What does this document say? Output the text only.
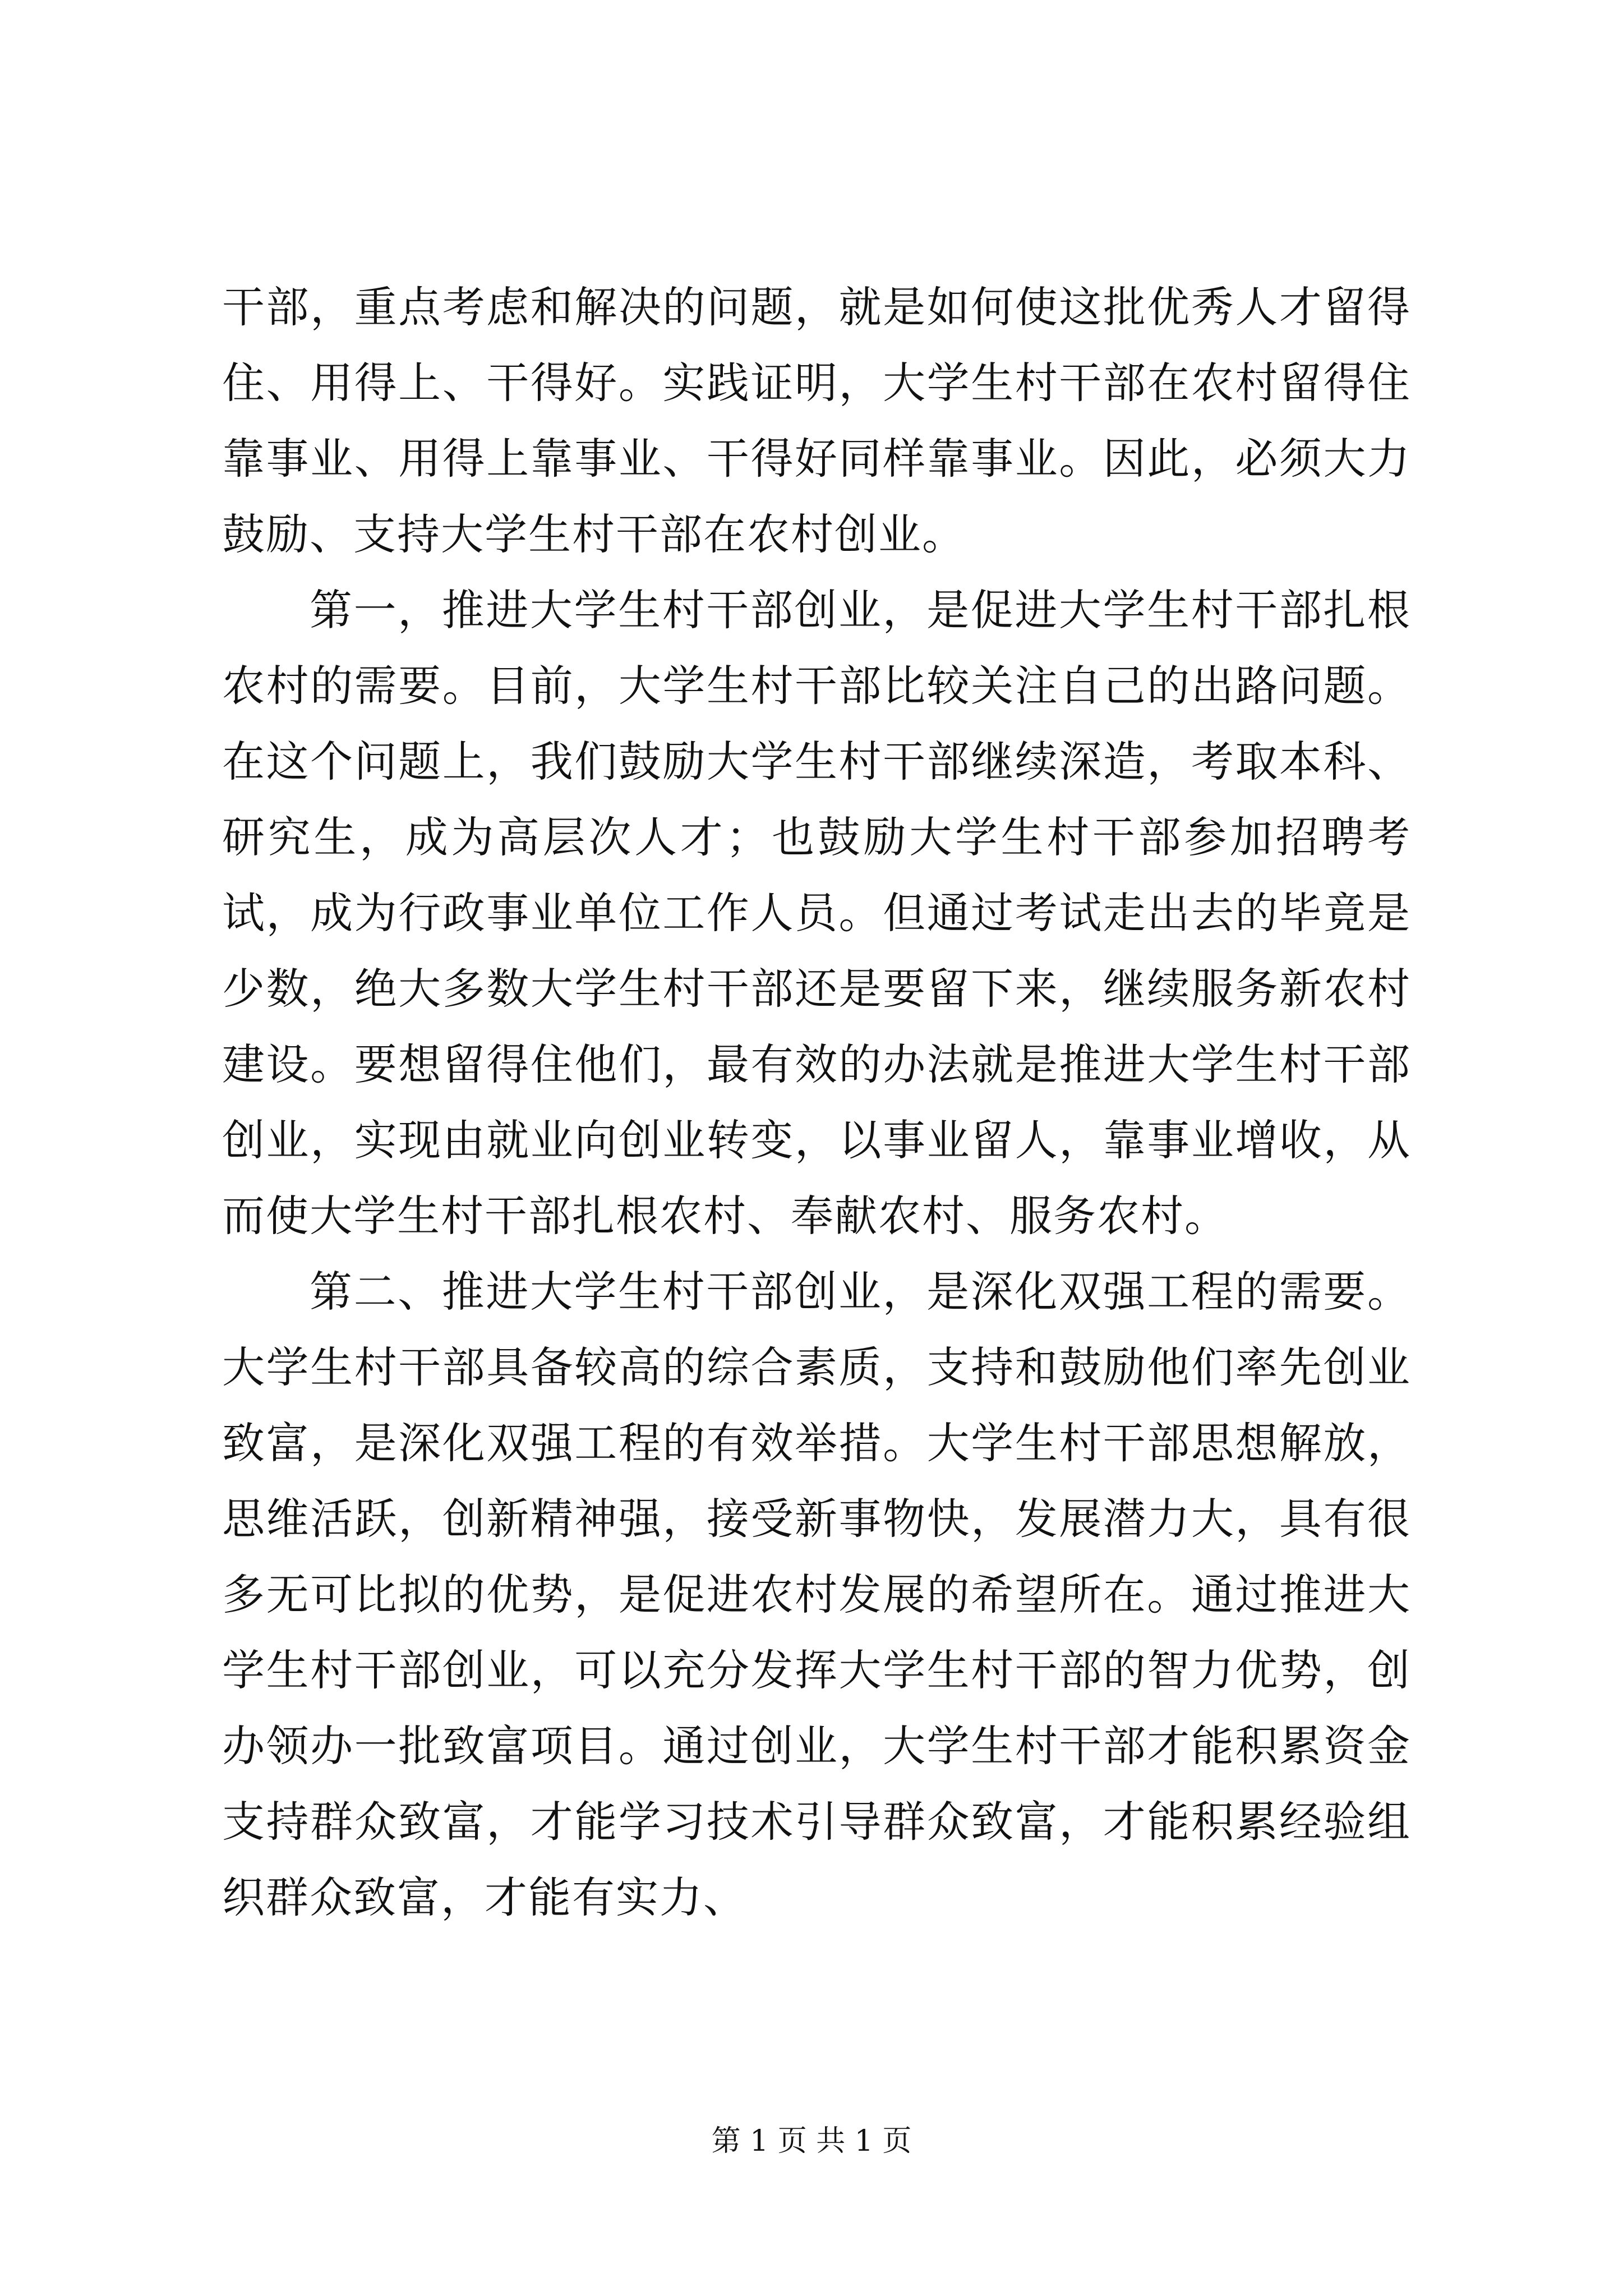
干部，重点考虑和解决的问题，就是如何使这批优秀人才留得住、用得上、干得好。实践证明，大学生村干部在农村留得住靠事业、用得上靠事业、干得好同样靠事业。因此，必须大力鼓励、支持大学生村干部在农村创业。

第一，推进大学生村干部创业，是促进大学生村干部扎根农村的需要。目前，大学生村干部比较关注自己的出路问题。在这个问题上，我们鼓励大学生村干部继续深造，考取本科、研究生，成为高层次人才；也鼓励大学生村干部参加招聘考试，成为行政事业单位工作人员。但通过考试走出去的毕竟是少数，绝大多数大学生村干部还是要留下来，继续服务新农村建设。要想留得住他们，最有效的办法就是推进大学生村干部创业，实现由就业向创业转变，以事业留人，靠事业增收，从而使大学生村干部扎根农村、奉献农村、服务农村。

第二、推进大学生村干部创业，是深化双强工程的需要。大学生村干部具备较高的综合素质，支持和鼓励他们率先创业致富，是深化双强工程的有效举措。大学生村干部思想解放，思维活跃，创新精神强，接受新事物快，发展潜力大，具有很多无可比拟的优势，是促进农村发展的希望所在。通过推进大学生村干部创业，可以充分发挥大学生村干部的智力优势，创办领办一批致富项目。通过创业，大学生村干部才能积累资金支持群众致富，才能学习技术引导群众致富，才能积累经验组织群众致富，才能有实力、

第 1 页 共 1 页
